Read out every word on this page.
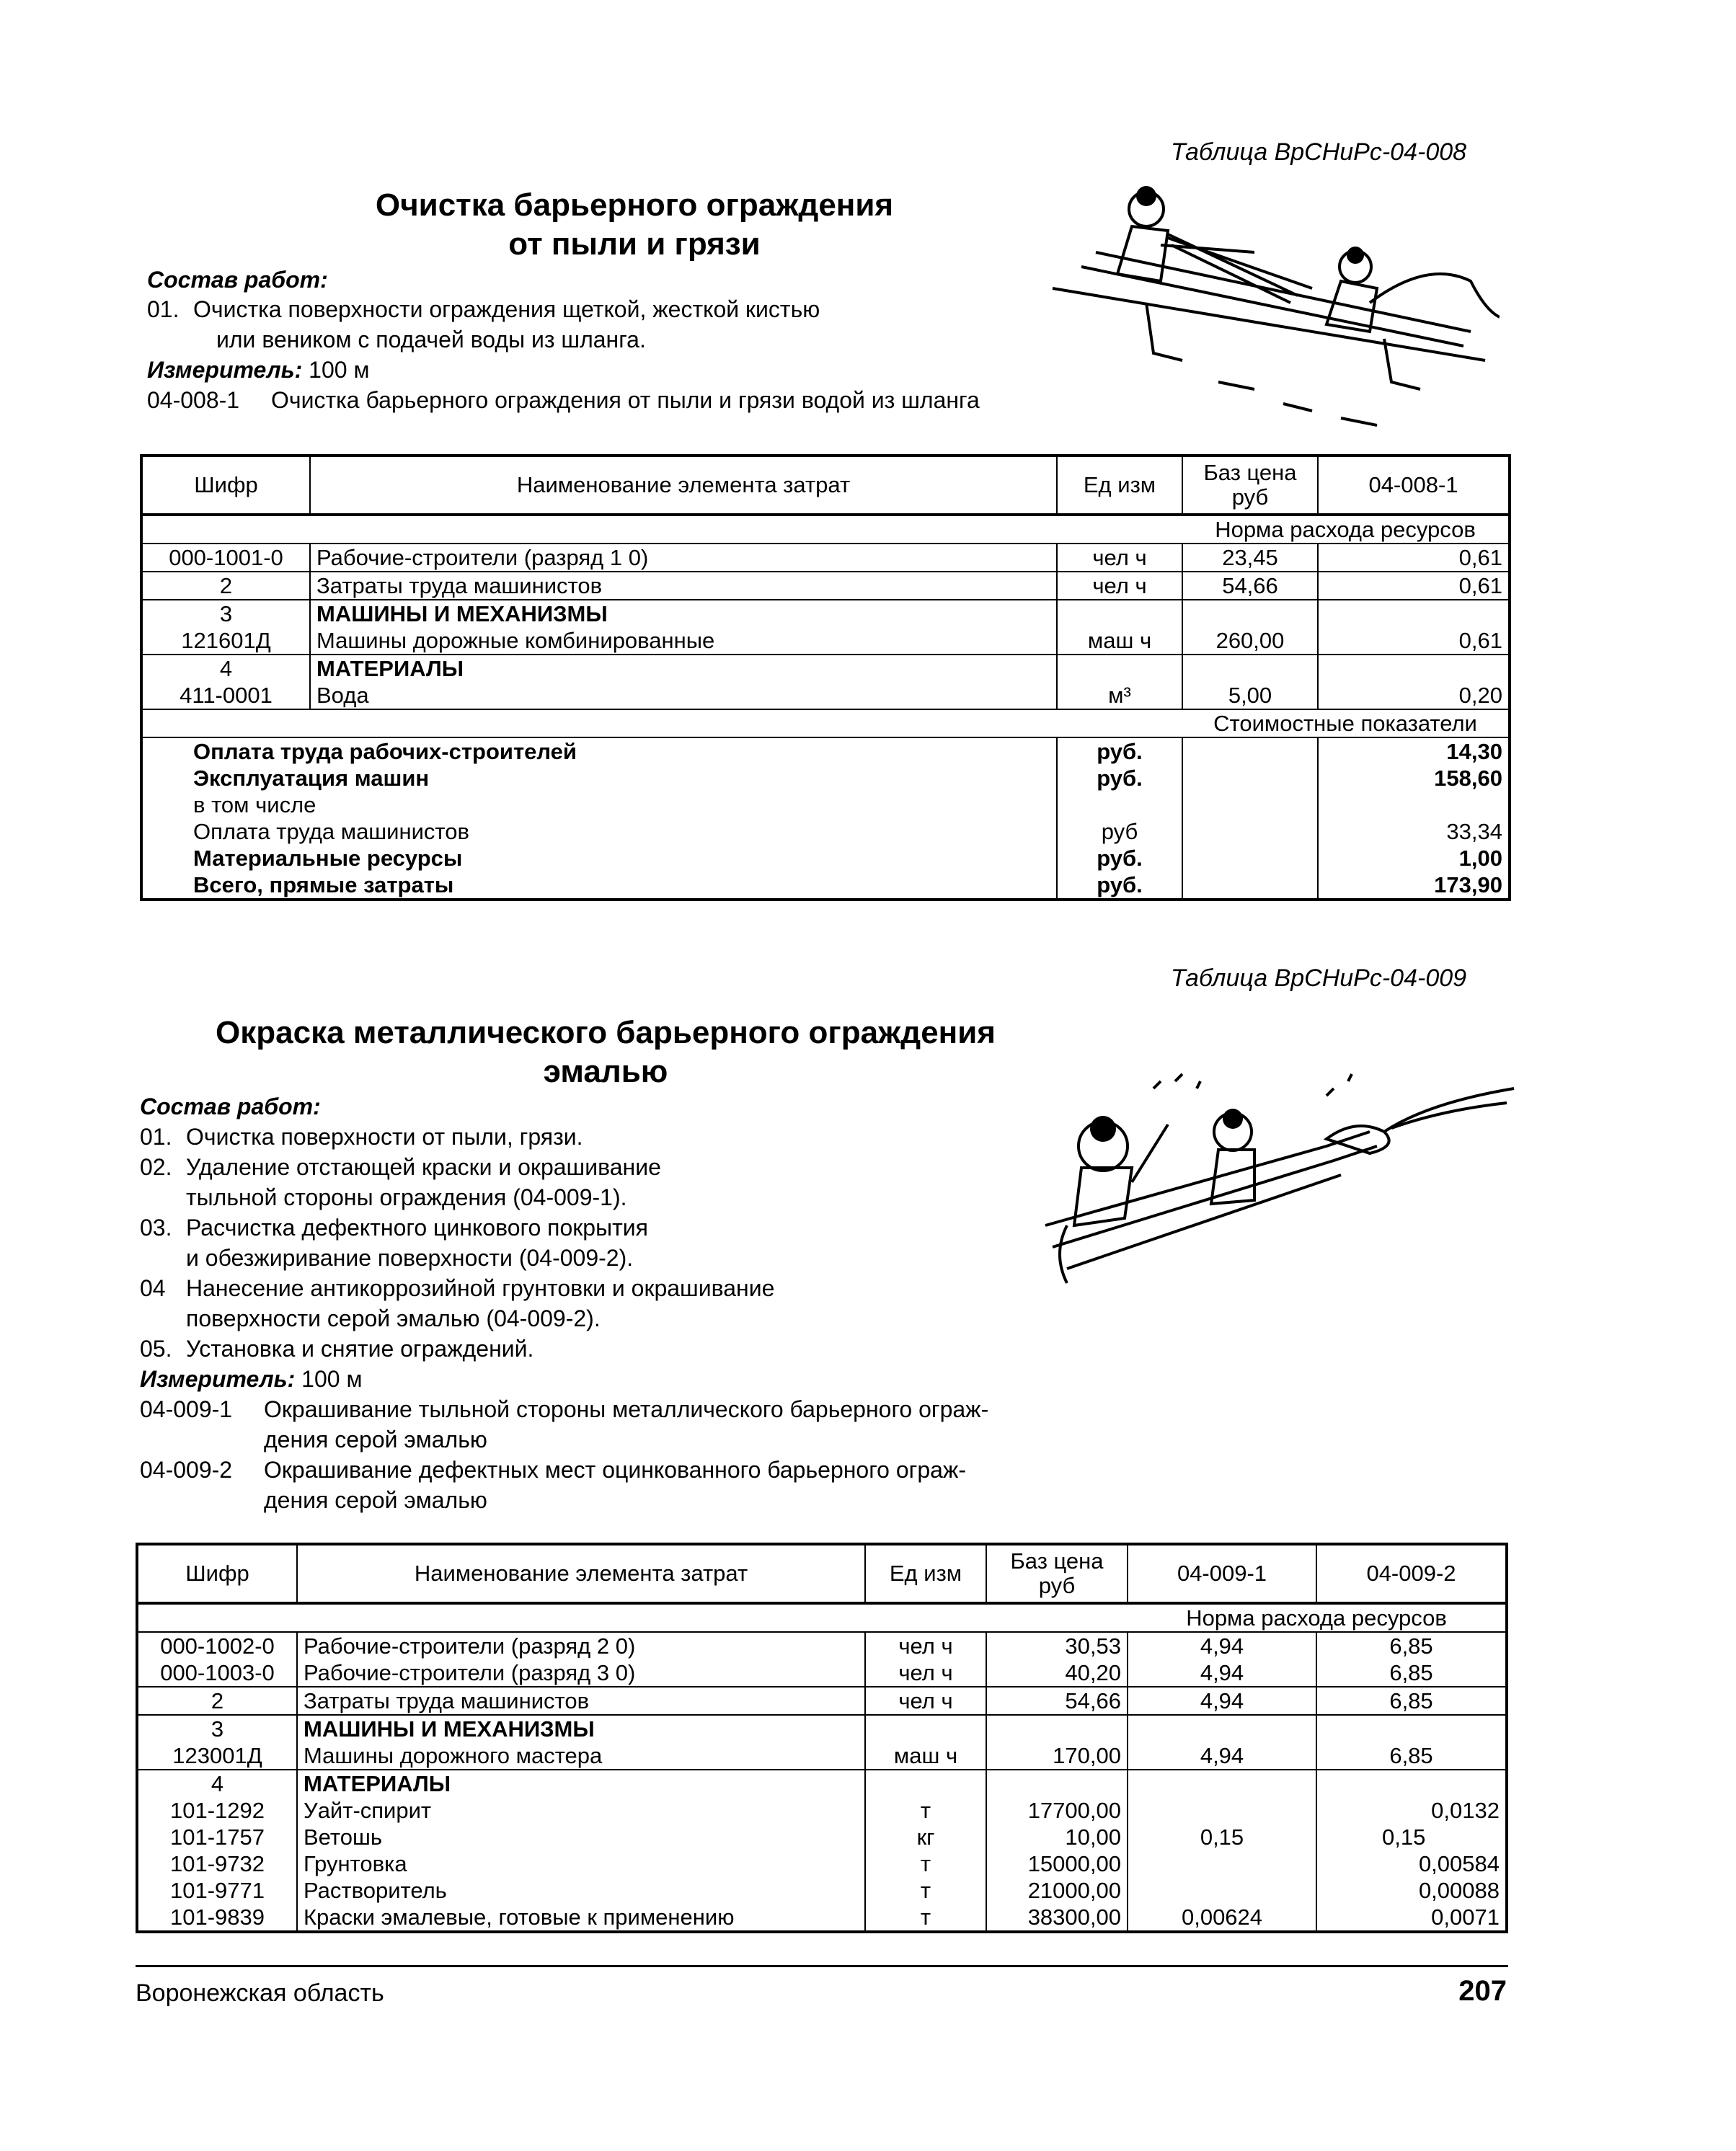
Таблица ВрСНиРс-04-008
Очистка барьерного ограждения
от пыли и грязи
Состав работ:
01. Очистка поверхности ограждения щеткой, жесткой кистью
или веником с подачей воды из шланга.
Измеритель: 100 м
04-008-1 Очистка барьерного ограждения от пыли и грязи водой из шланга
Шифр	Наименование элемента затрат	Ед изм	Баз цена руб	04-008-1
			Норма расхода ресурсов	
000-1001-0	Рабочие-строители (разряд 1 0)	чел ч	23,45	0,61
2	Затраты труда машинистов	чел ч	54,66	0,61
3	МАШИНЫ И МЕХАНИЗМЫ			
121601Д	Машины дорожные комбинированные	маш ч	260,00	0,61
4	МАТЕРИАЛЫ			
411-0001	Вода	м³	5,00	0,20
			Стоимостные показатели	
Оплата труда рабочих-строителей		руб.		14,30
Эксплуатация машин		руб.		158,60
в том числе				
Оплата труда машинистов		руб		33,34
Материальные ресурсы		руб.		1,00
Всего, прямые затраты		руб.		173,90
Таблица ВрСНиРс-04-009
Окраска металлического барьерного ограждения
эмалью
Состав работ:
01. Очистка поверхности от пыли, грязи.
02. Удаление отстающей краски и окрашивание
тыльной стороны ограждения (04-009-1).
03. Расчистка дефектного цинкового покрытия
и обезжиривание поверхности (04-009-2).
04 Нанесение антикоррозийной грунтовки и окрашивание
поверхности серой эмалью (04-009-2).
05. Установка и снятие ограждений.
Измеритель: 100 м
04-009-1 Окрашивание тыльной стороны металлического барьерного ограж-
дения серой эмалью
04-009-2 Окрашивание дефектных мест оцинкованного барьерного ограж-
дения серой эмалью
Шифр	Наименование элемента затрат	Ед изм	Баз цена руб	04-009-1	04-009-2
				Норма расхода ресурсов	
000-1002-0	Рабочие-строители (разряд 2 0)	чел ч	30,53	4,94	6,85
000-1003-0	Рабочие-строители (разряд 3 0)	чел ч	40,20	4,94	6,85
2	Затраты труда машинистов	чел ч	54,66	4,94	6,85
3	МАШИНЫ И МЕХАНИЗМЫ				
123001Д	Машины дорожного мастера	маш ч	170,00	4,94	6,85
4	МАТЕРИАЛЫ				
101-1292	Уайт-спирит	т	17700,00		0,0132
101-1757	Ветошь	кг	10,00	0,15	0,15
101-9732	Грунтовка	т	15000,00		0,00584
101-9771	Растворитель	т	21000,00		0,00088
101-9839	Краски эмалевые, готовые к применению	т	38300,00	0,00624	0,0071
Воронежская область	207
